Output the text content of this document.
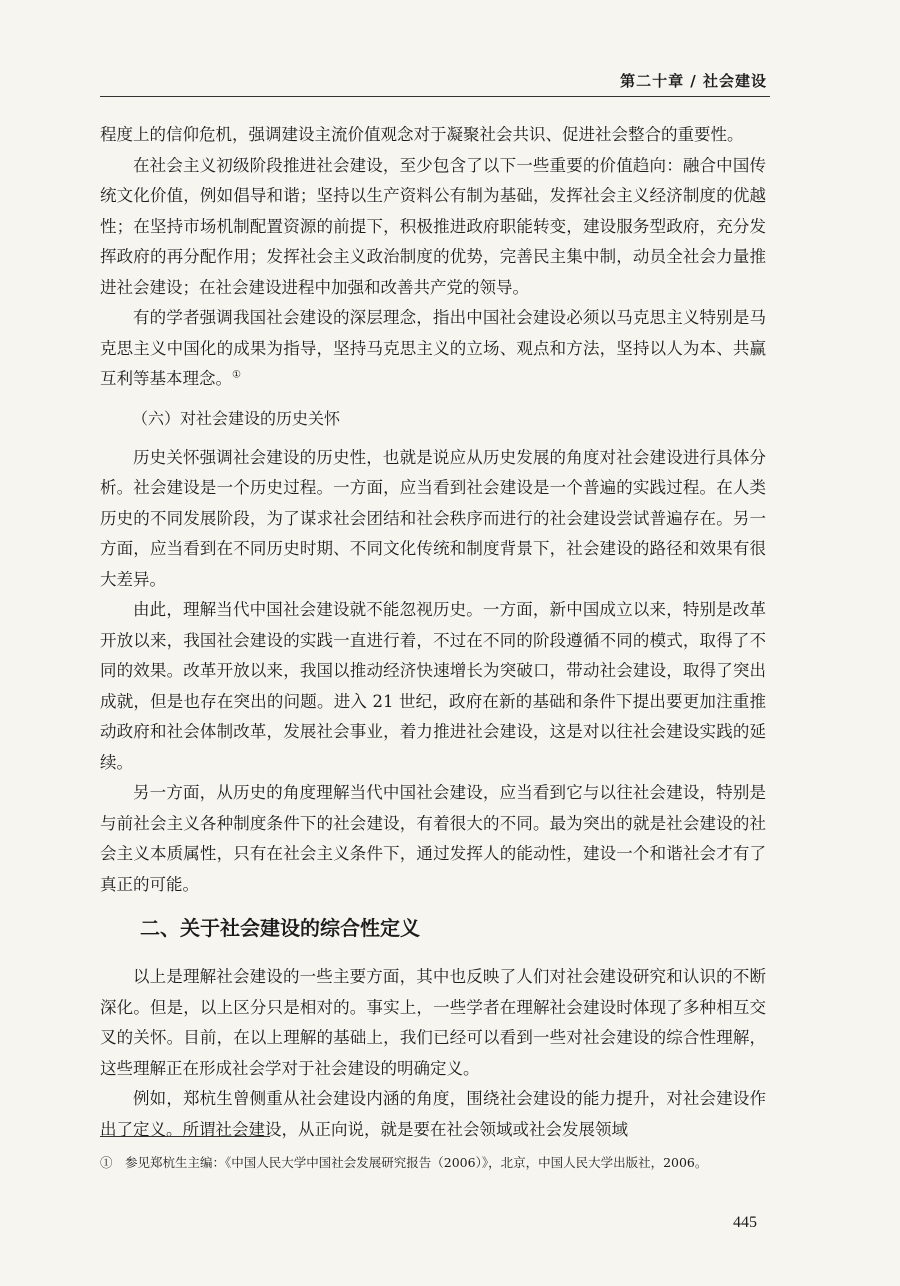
第二十章 / 社会建设

程度上的信仰危机，强调建设主流价值观念对于凝聚社会共识、促进社会整合的重要性。

在社会主义初级阶段推进社会建设，至少包含了以下一些重要的价值趋向：融合中国传统文化价值，例如倡导和谐；坚持以生产资料公有制为基础，发挥社会主义经济制度的优越性；在坚持市场机制配置资源的前提下，积极推进政府职能转变，建设服务型政府，充分发挥政府的再分配作用；发挥社会主义政治制度的优势，完善民主集中制，动员全社会力量推进社会建设；在社会建设进程中加强和改善共产党的领导。

有的学者强调我国社会建设的深层理念，指出中国社会建设必须以马克思主义特别是马克思主义中国化的成果为指导，坚持马克思主义的立场、观点和方法，坚持以人为本、共赢互利等基本理念。①

（六）对社会建设的历史关怀

历史关怀强调社会建设的历史性，也就是说应从历史发展的角度对社会建设进行具体分析。社会建设是一个历史过程。一方面，应当看到社会建设是一个普遍的实践过程。在人类历史的不同发展阶段，为了谋求社会团结和社会秩序而进行的社会建设尝试普遍存在。另一方面，应当看到在不同历史时期、不同文化传统和制度背景下，社会建设的路径和效果有很大差异。

由此，理解当代中国社会建设就不能忽视历史。一方面，新中国成立以来，特别是改革开放以来，我国社会建设的实践一直进行着，不过在不同的阶段遵循不同的模式，取得了不同的效果。改革开放以来，我国以推动经济快速增长为突破口，带动社会建设，取得了突出成就，但是也存在突出的问题。进入 21 世纪，政府在新的基础和条件下提出要更加注重推动政府和社会体制改革，发展社会事业，着力推进社会建设，这是对以往社会建设实践的延续。

另一方面，从历史的角度理解当代中国社会建设，应当看到它与以往社会建设，特别是与前社会主义各种制度条件下的社会建设，有着很大的不同。最为突出的就是社会建设的社会主义本质属性，只有在社会主义条件下，通过发挥人的能动性，建设一个和谐社会才有了真正的可能。

二、关于社会建设的综合性定义

以上是理解社会建设的一些主要方面，其中也反映了人们对社会建设研究和认识的不断深化。但是，以上区分只是相对的。事实上，一些学者在理解社会建设时体现了多种相互交叉的关怀。目前，在以上理解的基础上，我们已经可以看到一些对社会建设的综合性理解，这些理解正在形成社会学对于社会建设的明确定义。

例如，郑杭生曾侧重从社会建设内涵的角度，围绕社会建设的能力提升，对社会建设作出了定义。所谓社会建设，从正向说，就是要在社会领域或社会发展领域

①　参见郑杭生主编：《中国人民大学中国社会发展研究报告（2006）》，北京，中国人民大学出版社，2006。
445
